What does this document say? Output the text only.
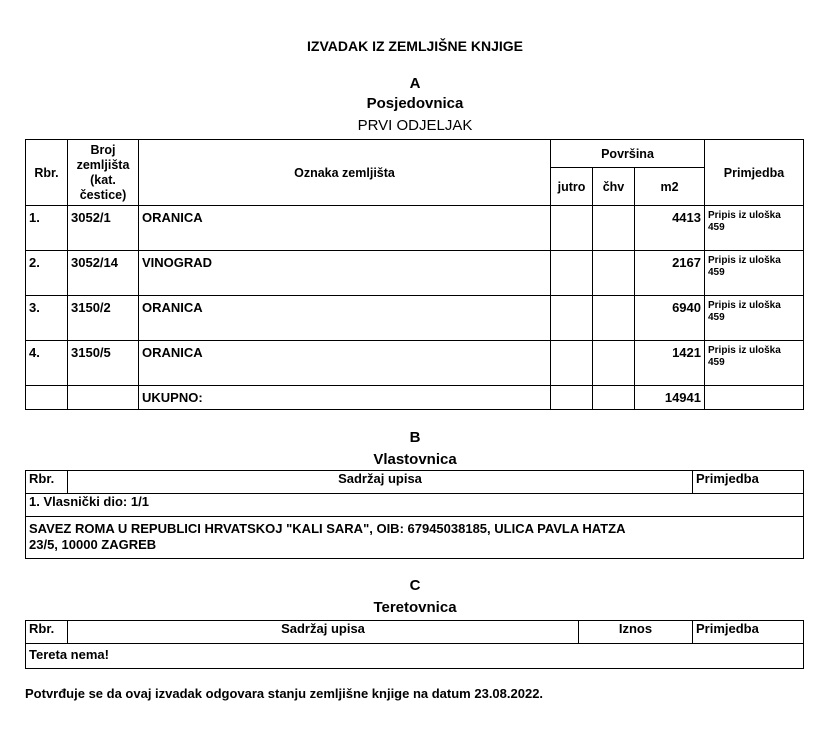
IZVADAK IZ ZEMLJIŠNE KNJIGE
A
Posjedovnica
PRVI ODJELJAK
Rbr.	Broj
zemljišta
(kat.
čestice)	Oznaka zemljišta	Površina			Primjedba
			jutro	čhv	m2	
1.	3052/1	ORANICA			4413	Pripis iz uloška
459

2.	3052/14	VINOGRAD			2167	Pripis iz uloška
459

3.	3150/2	ORANICA			6940	Pripis iz uloška
459

4.	3150/5	ORANICA			1421	Pripis iz uloška
459

		UKUPNO:			14941	
B
Vlastovnica
Rbr.	Sadržaj upisa	Primjedba
1. Vlasnički dio: 1/1

SAVEZ ROMA U REPUBLICI HRVATSKOJ "KALI SARA", OIB: 67945038185, ULICA PAVLA HATZA
23/5, 10000 ZAGREB
C
Teretovnica
Rbr.	Sadržaj upisa	Iznos	Primjedba
Tereta nema!
Potvrđuje se da ovaj izvadak odgovara stanju zemljišne knjige na datum 23.08.2022.
